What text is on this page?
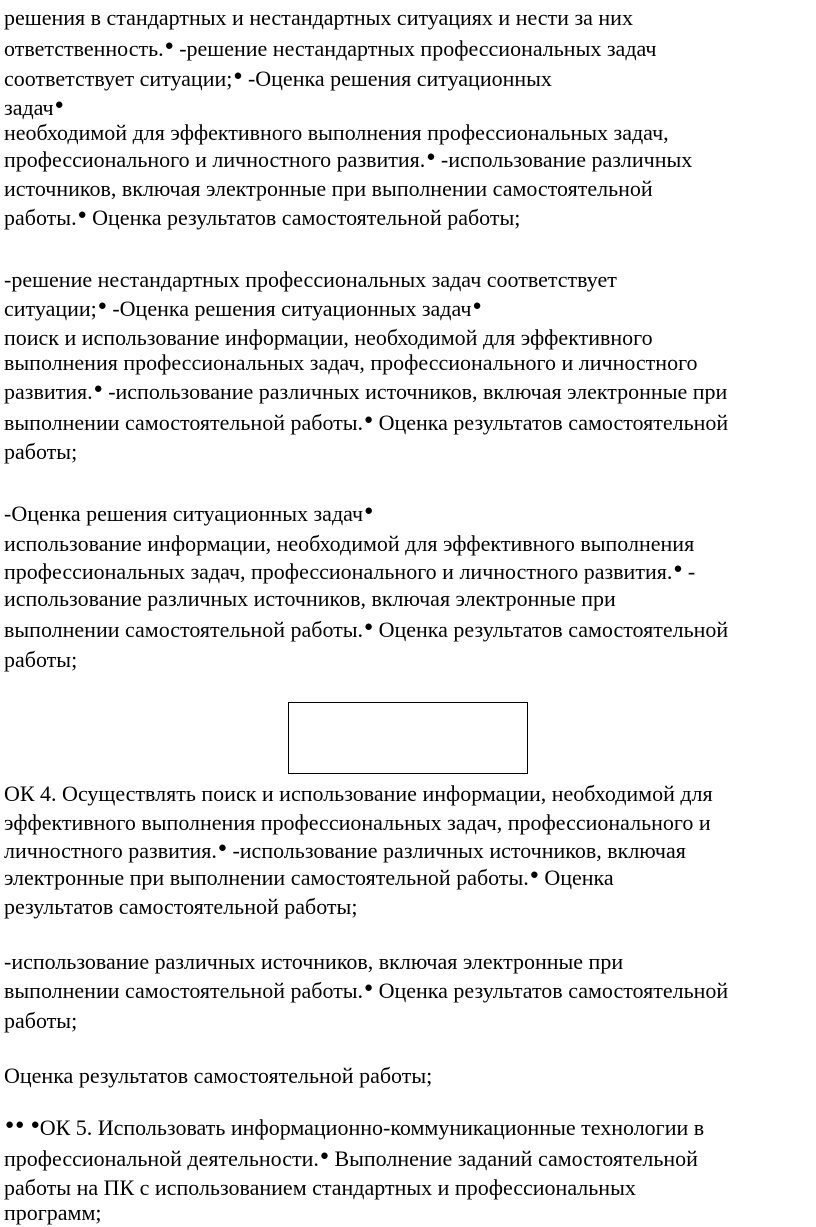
решения в стандартных и нестандартных ситуациях и нести за них
ответственность.● -решение нестандартных профессиональных задач
соответствует ситуации;● -Оценка решения ситуационных
задач●
необходимой для эффективного выполнения профессиональных задач,
профессионального и личностного развития.● -использование различных
источников, включая электронные при выполнении самостоятельной
работы.● Оценка результатов самостоятельной работы;
-решение нестандартных профессиональных задач соответствует
ситуации;● -Оценка решения ситуационных задач●
поиск и использование информации, необходимой для эффективного
выполнения профессиональных задач, профессионального и личностного
развития.● -использование различных источников, включая электронные при
выполнении самостоятельной работы.● Оценка результатов самостоятельной
работы;
-Оценка решения ситуационных задач●
использование информации, необходимой для эффективного выполнения
профессиональных задач, профессионального и личностного развития.● -
использование различных источников, включая электронные при
выполнении самостоятельной работы.● Оценка результатов самостоятельной
работы;
ОК 4. Осуществлять поиск и использование информации, необходимой для
эффективного выполнения профессиональных задач, профессионального и
личностного развития.● -использование различных источников, включая
электронные при выполнении самостоятельной работы.● Оценка
результатов самостоятельной работы;
-использование различных источников, включая электронные при
выполнении самостоятельной работы.● Оценка результатов самостоятельной
работы;
Оценка результатов самостоятельной работы;
●● ●ОК 5. Использовать информационно-коммуникационные технологии в
профессиональной деятельности.● Выполнение заданий самостоятельной
работы на ПК с использованием стандартных и профессиональных
программ;
